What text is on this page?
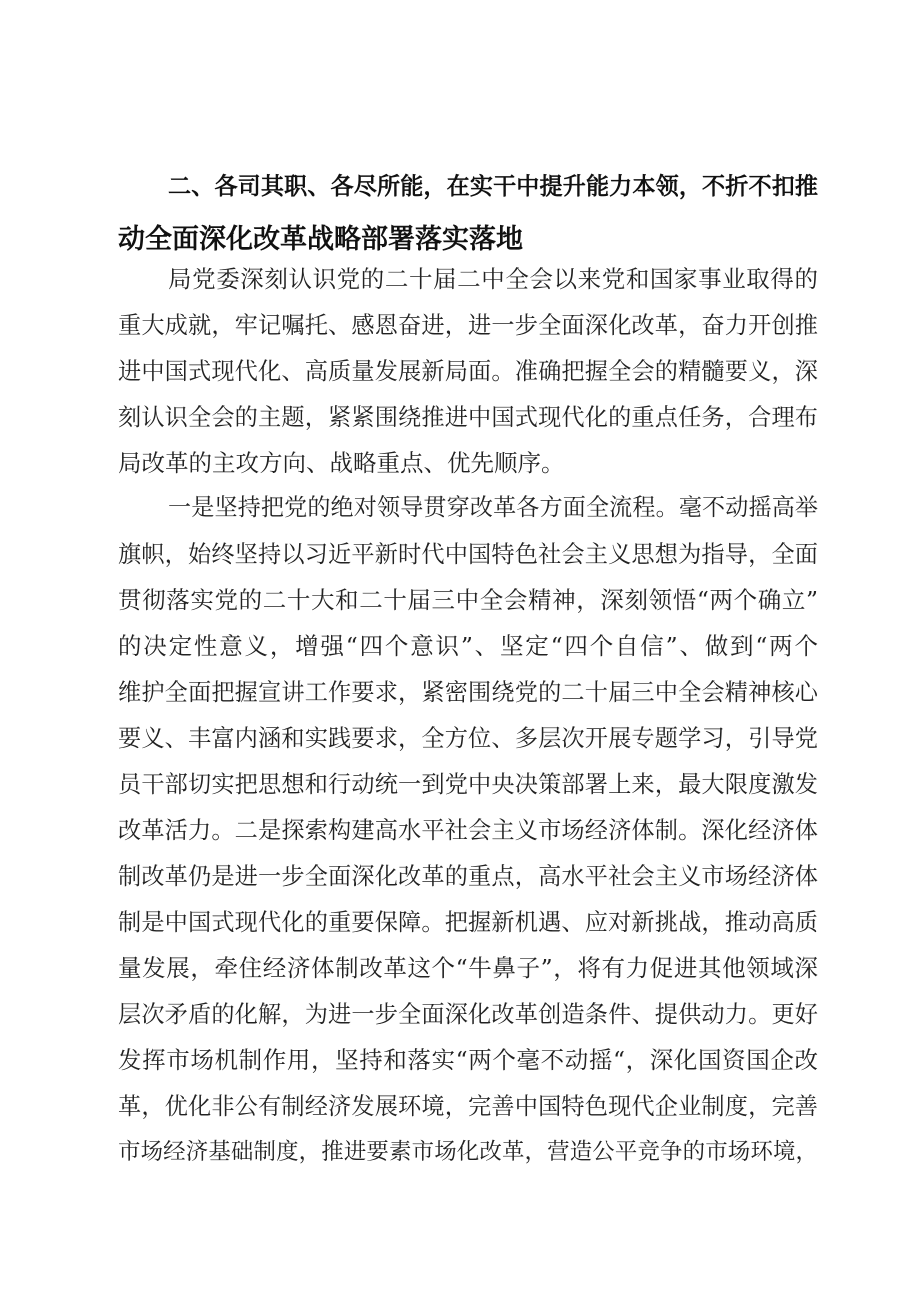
二、各司其职、各尽所能，在实干中提升能力本领，不折不扣推
动全面深化改革战略部署落实落地
局党委深刻认识党的二十届二中全会以来党和国家事业取得的
重大成就，牢记嘱托、感恩奋进，进一步全面深化改革，奋力开创推
进中国式现代化、高质量发展新局面。准确把握全会的精髓要义，深
刻认识全会的主题，紧紧围绕推进中国式现代化的重点任务，合理布
局改革的主攻方向、战略重点、优先顺序。
一是坚持把党的绝对领导贯穿改革各方面全流程。毫不动摇高举
旗帜，始终坚持以习近平新时代中国特色社会主义思想为指导，全面
贯彻落实党的二十大和二十届三中全会精神，深刻领悟“两个确立”
的决定性意义，增强“四个意识”、坚定“四个自信”、做到“两个
维护全面把握宣讲工作要求，紧密围绕党的二十届三中全会精神核心
要义、丰富内涵和实践要求，全方位、多层次开展专题学习，引导党
员干部切实把思想和行动统一到党中央决策部署上来，最大限度激发
改革活力。二是探索构建高水平社会主义市场经济体制。深化经济体
制改革仍是进一步全面深化改革的重点，高水平社会主义市场经济体
制是中国式现代化的重要保障。把握新机遇、应对新挑战，推动高质
量发展，牵住经济体制改革这个“牛鼻子”，将有力促进其他领域深
层次矛盾的化解，为进一步全面深化改革创造条件、提供动力。更好
发挥市场机制作用，坚持和落实“两个毫不动摇“，深化国资国企改
革，优化非公有制经济发展环境，完善中国特色现代企业制度，完善
市场经济基础制度，推进要素市场化改革，营造公平竞争的市场环境，
